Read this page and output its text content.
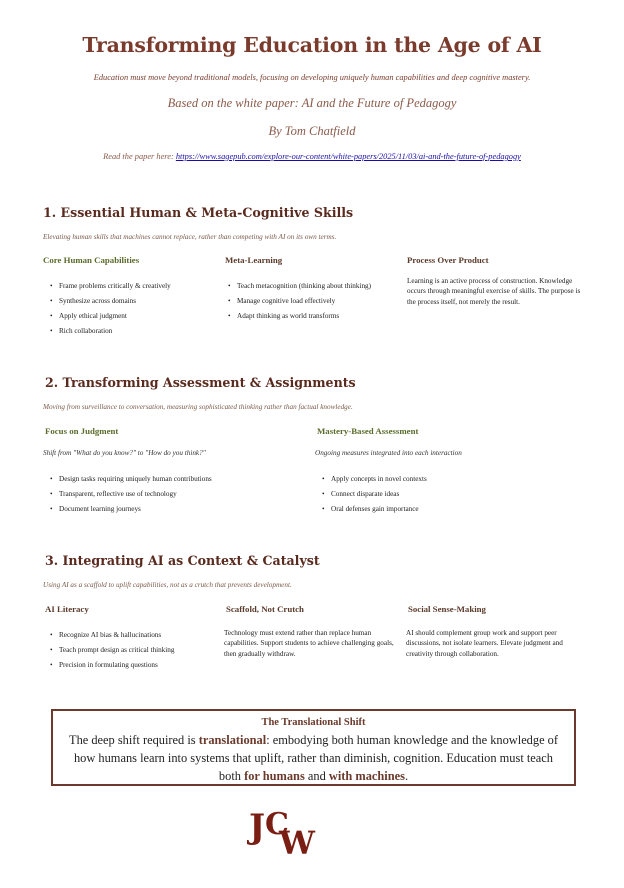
Transforming Education in the Age of AI
Education must move beyond traditional models, focusing on developing uniquely human capabilities and deep cognitive mastery.
Based on the white paper: AI and the Future of Pedagogy
By Tom Chatfield
Read the paper here: https://www.sagepub.com/explore-our-content/white-papers/2025/11/03/ai-and-the-future-of-pedagogy
1. Essential Human & Meta-Cognitive Skills
Elevating human skills that machines cannot replace, rather than competing with AI on its own terms.
Core Human Capabilities
• Frame problems critically & creatively
• Synthesize across domains
• Apply ethical judgment
• Rich collaboration
Meta-Learning
• Teach metacognition (thinking about thinking)
• Manage cognitive load effectively
• Adapt thinking as world transforms
Process Over Product
Learning is an active process of construction. Knowledge occurs through meaningful exercise of skills. The purpose is the process itself, not merely the result.
2. Transforming Assessment & Assignments
Moving from surveillance to conversation, measuring sophisticated thinking rather than factual knowledge.
Focus on Judgment
Shift from "What do you know?" to "How do you think?"
• Design tasks requiring uniquely human contributions
• Transparent, reflective use of technology
• Document learning journeys
Mastery-Based Assessment
Ongoing measures integrated into each interaction
• Apply concepts in novel contexts
• Connect disparate ideas
• Oral defenses gain importance
3. Integrating AI as Context & Catalyst
Using AI as a scaffold to uplift capabilities, not as a crutch that prevents development.
AI Literacy
• Recognize AI bias & hallucinations
• Teach prompt design as critical thinking
• Precision in formulating questions
Scaffold, Not Crutch
Technology must extend rather than replace human capabilities. Support students to achieve challenging goals, then gradually withdraw.
Social Sense-Making
AI should complement group work and support peer discussions, not isolate learners. Elevate judgment and creativity through collaboration.
The Translational Shift
The deep shift required is translational: embodying both human knowledge and the knowledge of how humans learn into systems that uplift, rather than diminish, cognition. Education must teach both for humans and with machines.
J C
W
